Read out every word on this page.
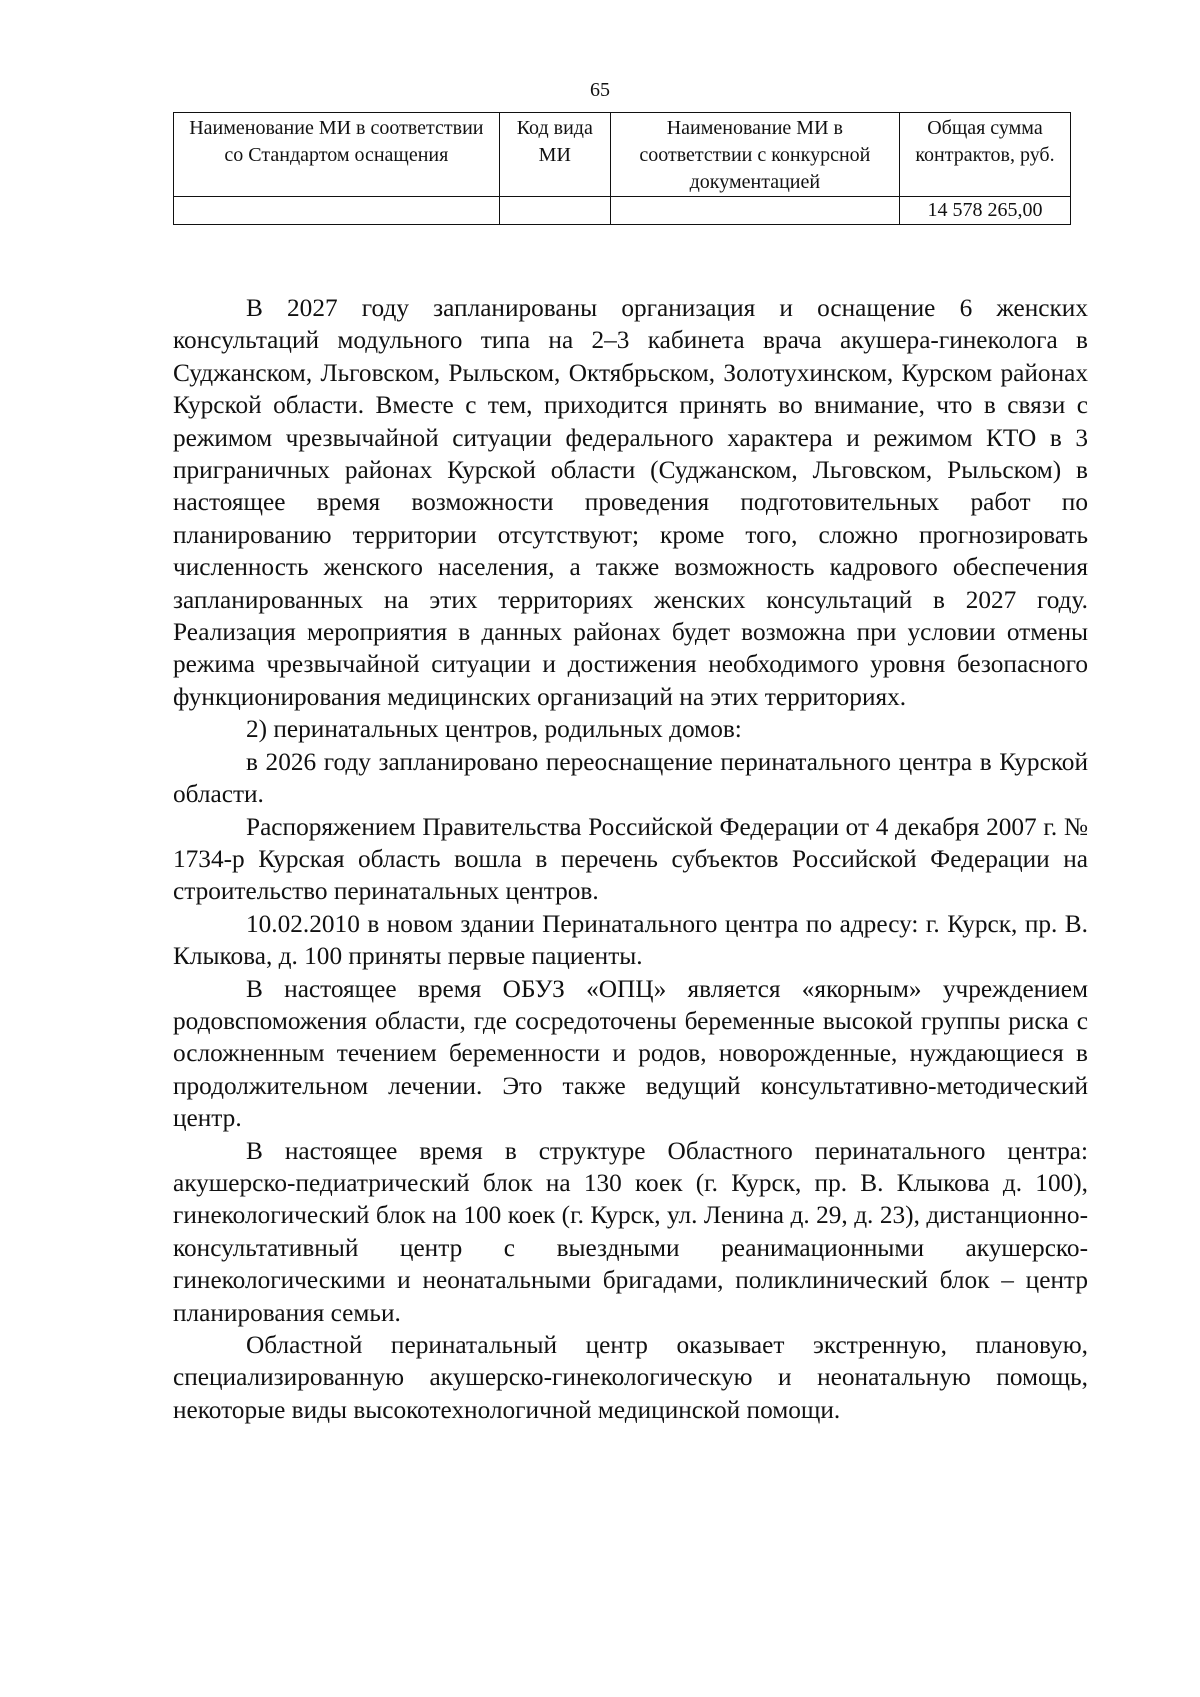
65
Наименование МИ в соответствии со Стандартом оснащения	Код вида МИ	Наименование МИ в соответствии с конкурсной документацией	Общая сумма контрактов, руб.
			14 578 265,00

В 2027 году запланированы организация и оснащение 6 женских консультаций модульного типа на 2–3 кабинета врача акушера-гинеколога в Суджанском, Льговском, Рыльском, Октябрьском, Золотухинском, Курском районах Курской области. Вместе с тем, приходится принять во внимание, что в связи с режимом чрезвычайной ситуации федерального характера и режимом КТО в 3 приграничных районах Курской области (Суджанском, Льговском, Рыльском) в настоящее время возможности проведения подготовительных работ по планированию территории отсутствуют; кроме того, сложно прогнозировать численность женского населения, а также возможность кадрового обеспечения запланированных на этих территориях женских консультаций в 2027 году. Реализация мероприятия в данных районах будет возможна при условии отмены режима чрезвычайной ситуации и достижения необходимого уровня безопасного функционирования медицинских организаций на этих территориях.

2) перинатальных центров, родильных домов:

в 2026 году запланировано переоснащение перинатального центра в Курской области.

Распоряжением Правительства Российской Федерации от 4 декабря 2007 г. № 1734-р Курская область вошла в перечень субъектов Российской Федерации на строительство перинатальных центров.

10.02.2010 в новом здании Перинатального центра по адресу: г. Курск, пр. В. Клыкова, д. 100 приняты первые пациенты.

В настоящее время ОБУЗ «ОПЦ» является «якорным» учреждением родовспоможения области, где сосредоточены беременные высокой группы риска с осложненным течением беременности и родов, новорожденные, нуждающиеся в продолжительном лечении. Это также ведущий консультативно-методический центр.

В настоящее время в структуре Областного перинатального центра: акушерско-педиатрический блок на 130 коек (г. Курск, пр. В. Клыкова д. 100), гинекологический блок на 100 коек (г. Курск, ул. Ленина д. 29, д. 23), дистанционно-консультативный центр с выездными реанимационными акушерско-гинекологическими и неонатальными бригадами, поликлинический блок – центр планирования семьи.

Областной перинатальный центр оказывает экстренную, плановую, специализированную акушерско-гинекологическую и неонатальную помощь, некоторые виды высокотехнологичной медицинской помощи.
